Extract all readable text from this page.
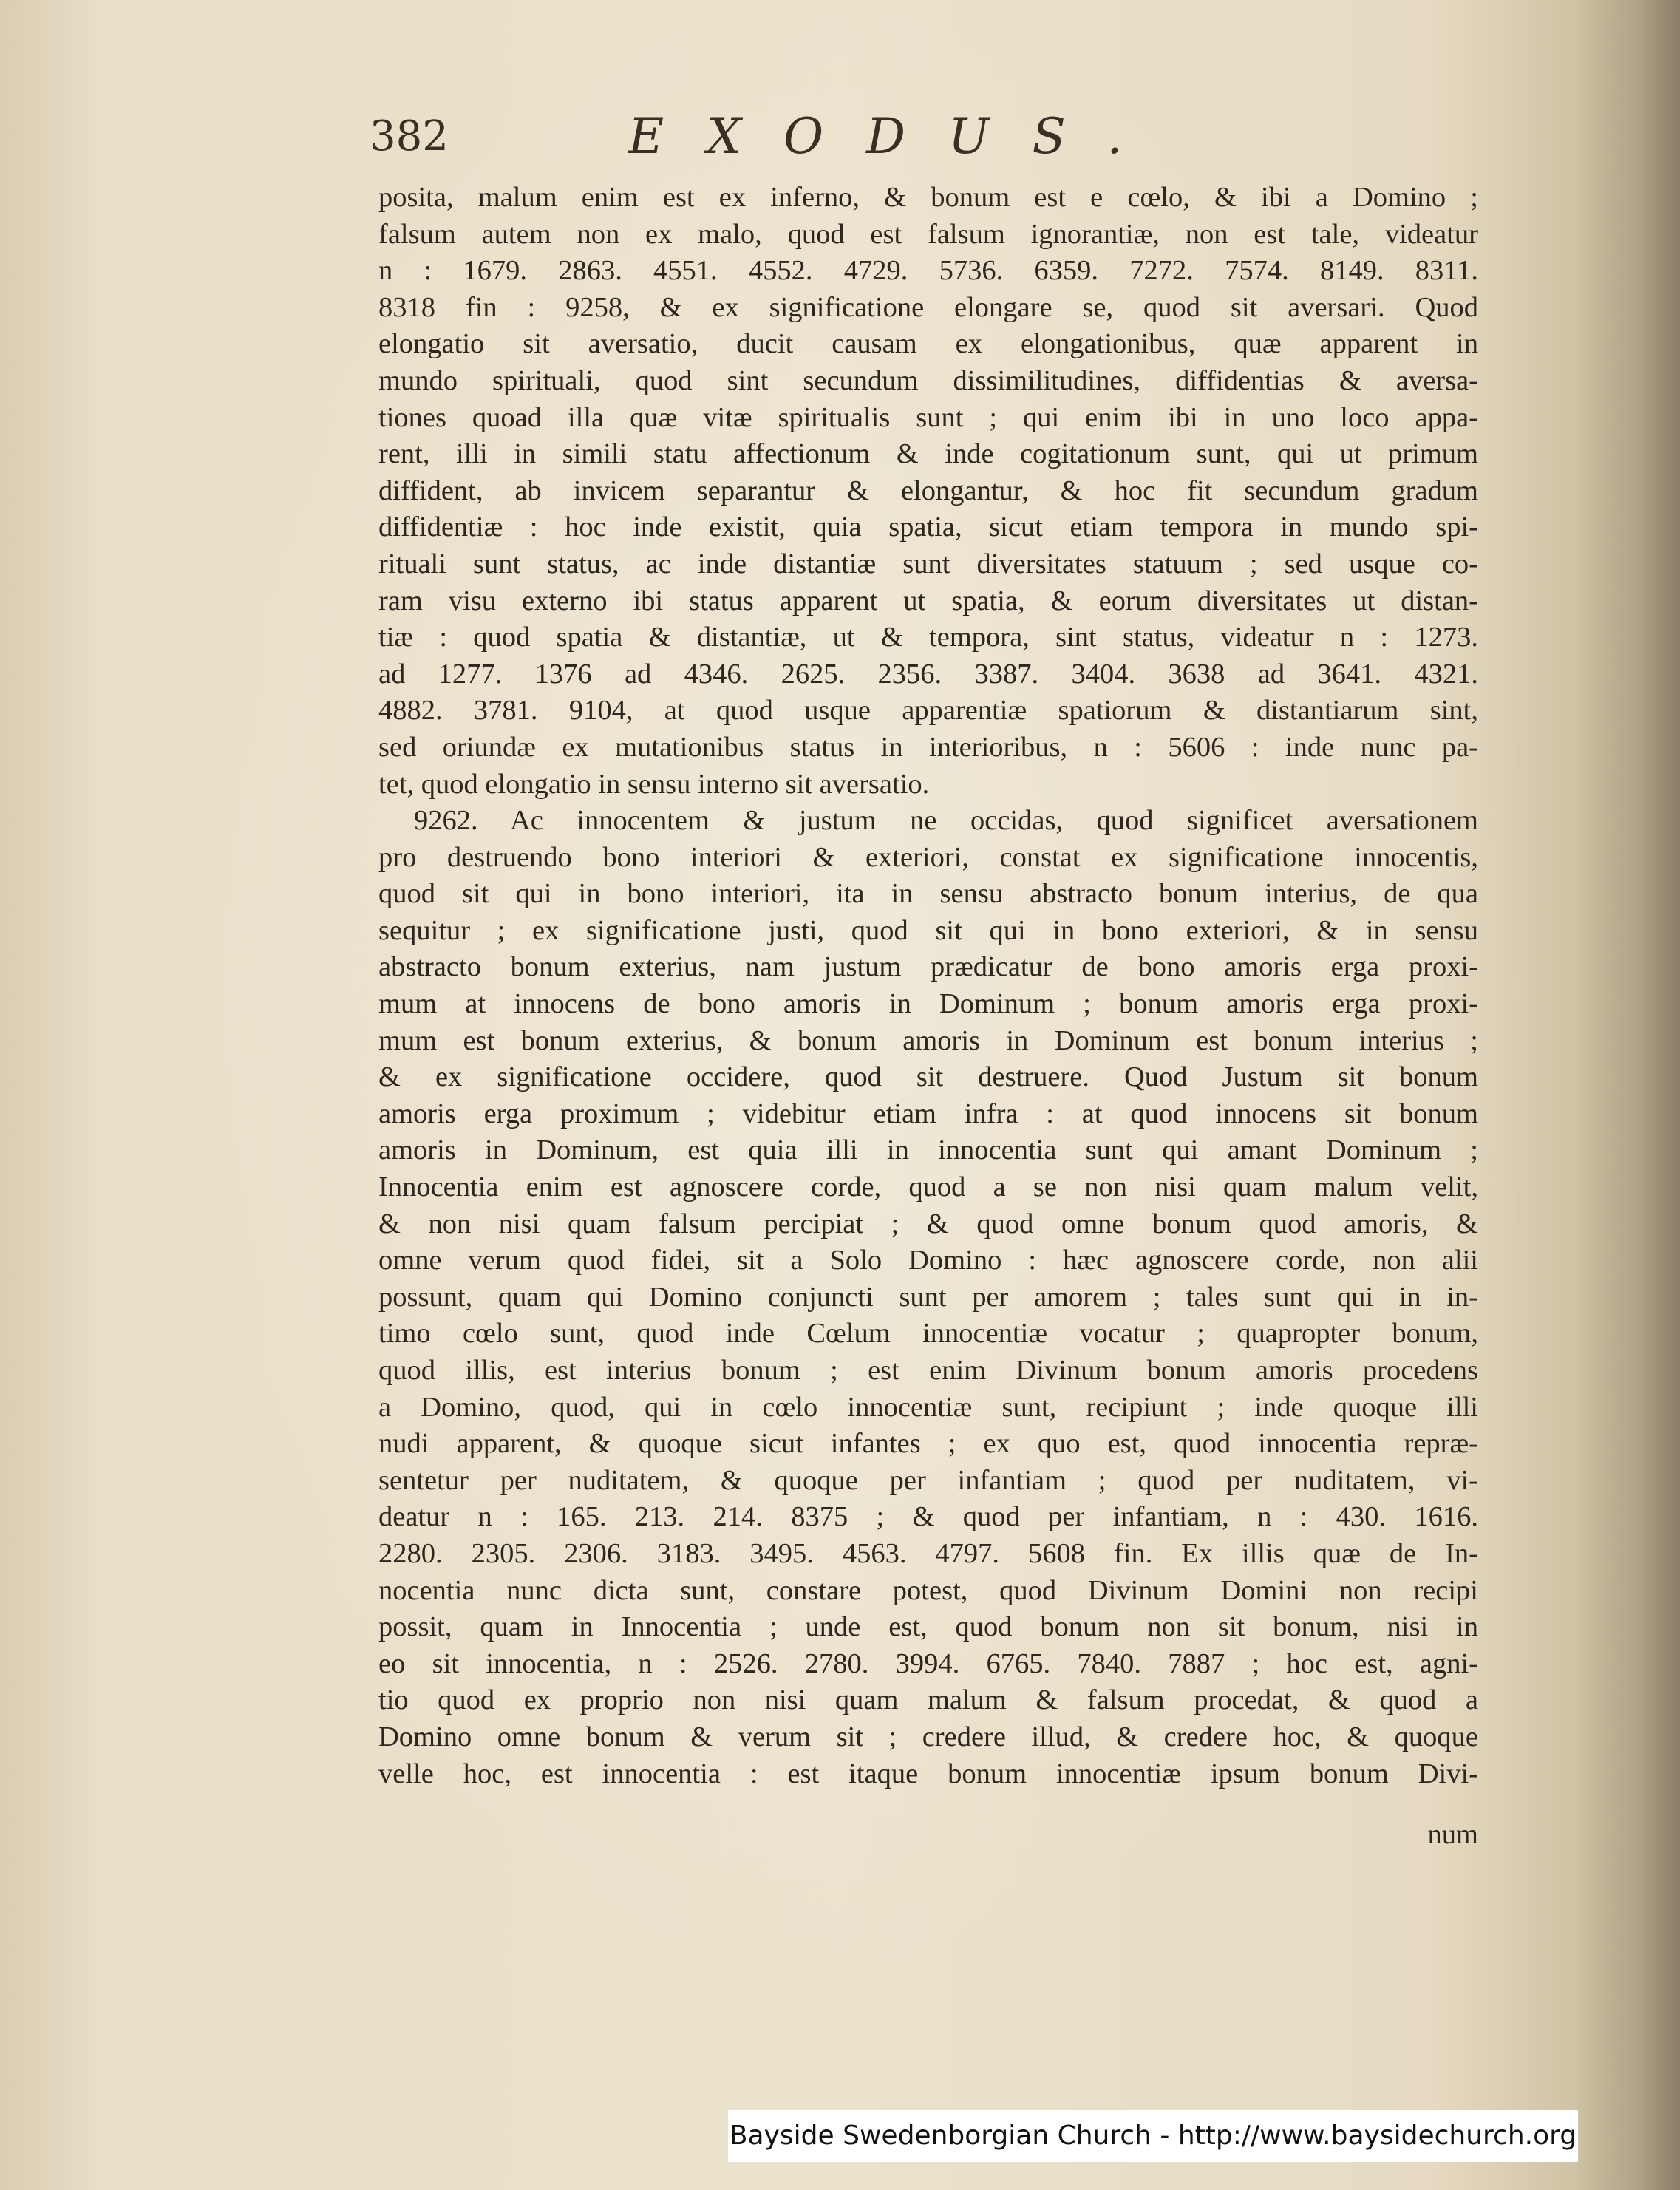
382	EXODUS.
posita, malum enim est ex inferno, & bonum est e cœlo, & ibi a Domino ;
falsum autem non ex malo, quod est falsum ignorantiæ, non est tale, videatur
n : 1679. 2863. 4551. 4552. 4729. 5736. 6359. 7272. 7574. 8149. 8311.
8318 fin : 9258, & ex significatione elongare se, quod sit aversari. Quod
elongatio sit aversatio, ducit causam ex elongationibus, quæ apparent in
mundo spirituali, quod sint secundum dissimilitudines, diffidentias & aversa-
tiones quoad illa quæ vitæ spiritualis sunt ; qui enim ibi in uno loco appa-
rent, illi in simili statu affectionum & inde cogitationum sunt, qui ut primum
diffident, ab invicem separantur & elongantur, & hoc fit secundum gradum
diffidentiæ : hoc inde existit, quia spatia, sicut etiam tempora in mundo spi-
rituali sunt status, ac inde distantiæ sunt diversitates statuum ; sed usque co-
ram visu externo ibi status apparent ut spatia, & eorum diversitates ut distan-
tiæ : quod spatia & distantiæ, ut & tempora, sint status, videatur n : 1273.
ad 1277. 1376 ad 4346. 2625. 2356. 3387. 3404. 3638 ad 3641. 4321.
4882. 3781. 9104, at quod usque apparentiæ spatiorum & distantiarum sint,
sed oriundæ ex mutationibus status in interioribus, n : 5606 : inde nunc pa-
tet, quod elongatio in sensu interno sit aversatio.
9262. Ac innocentem & justum ne occidas, quod significet aversationem
pro destruendo bono interiori & exteriori, constat ex significatione innocentis,
quod sit qui in bono interiori, ita in sensu abstracto bonum interius, de qua
sequitur ; ex significatione justi, quod sit qui in bono exteriori, & in sensu
abstracto bonum exterius, nam justum prædicatur de bono amoris erga proxi-
mum at innocens de bono amoris in Dominum ; bonum amoris erga proxi-
mum est bonum exterius, & bonum amoris in Dominum est bonum interius ;
& ex significatione occidere, quod sit destruere. Quod Justum sit bonum
amoris erga proximum ; videbitur etiam infra : at quod innocens sit bonum
amoris in Dominum, est quia illi in innocentia sunt qui amant Dominum ;
Innocentia enim est agnoscere corde, quod a se non nisi quam malum velit,
& non nisi quam falsum percipiat ; & quod omne bonum quod amoris, &
omne verum quod fidei, sit a Solo Domino : hæc agnoscere corde, non alii
possunt, quam qui Domino conjuncti sunt per amorem ; tales sunt qui in in-
timo cœlo sunt, quod inde Cœlum innocentiæ vocatur ; quapropter bonum,
quod illis, est interius bonum ; est enim Divinum bonum amoris procedens
a Domino, quod, qui in cœlo innocentiæ sunt, recipiunt ; inde quoque illi
nudi apparent, & quoque sicut infantes ; ex quo est, quod innocentia repræ-
sentetur per nuditatem, & quoque per infantiam ; quod per nuditatem, vi-
deatur n : 165. 213. 214. 8375 ; & quod per infantiam, n : 430. 1616.
2280. 2305. 2306. 3183. 3495. 4563. 4797. 5608 fin. Ex illis quæ de In-
nocentia nunc dicta sunt, constare potest, quod Divinum Domini non recipi
possit, quam in Innocentia ; unde est, quod bonum non sit bonum, nisi in
eo sit innocentia, n : 2526. 2780. 3994. 6765. 7840. 7887 ; hoc est, agni-
tio quod ex proprio non nisi quam malum & falsum procedat, & quod a
Domino omne bonum & verum sit ; credere illud, & credere hoc, & quoque
velle hoc, est innocentia : est itaque bonum innocentiæ ipsum bonum Divi-
num
Bayside Swedenborgian Church - http://www.baysidechurch.org
